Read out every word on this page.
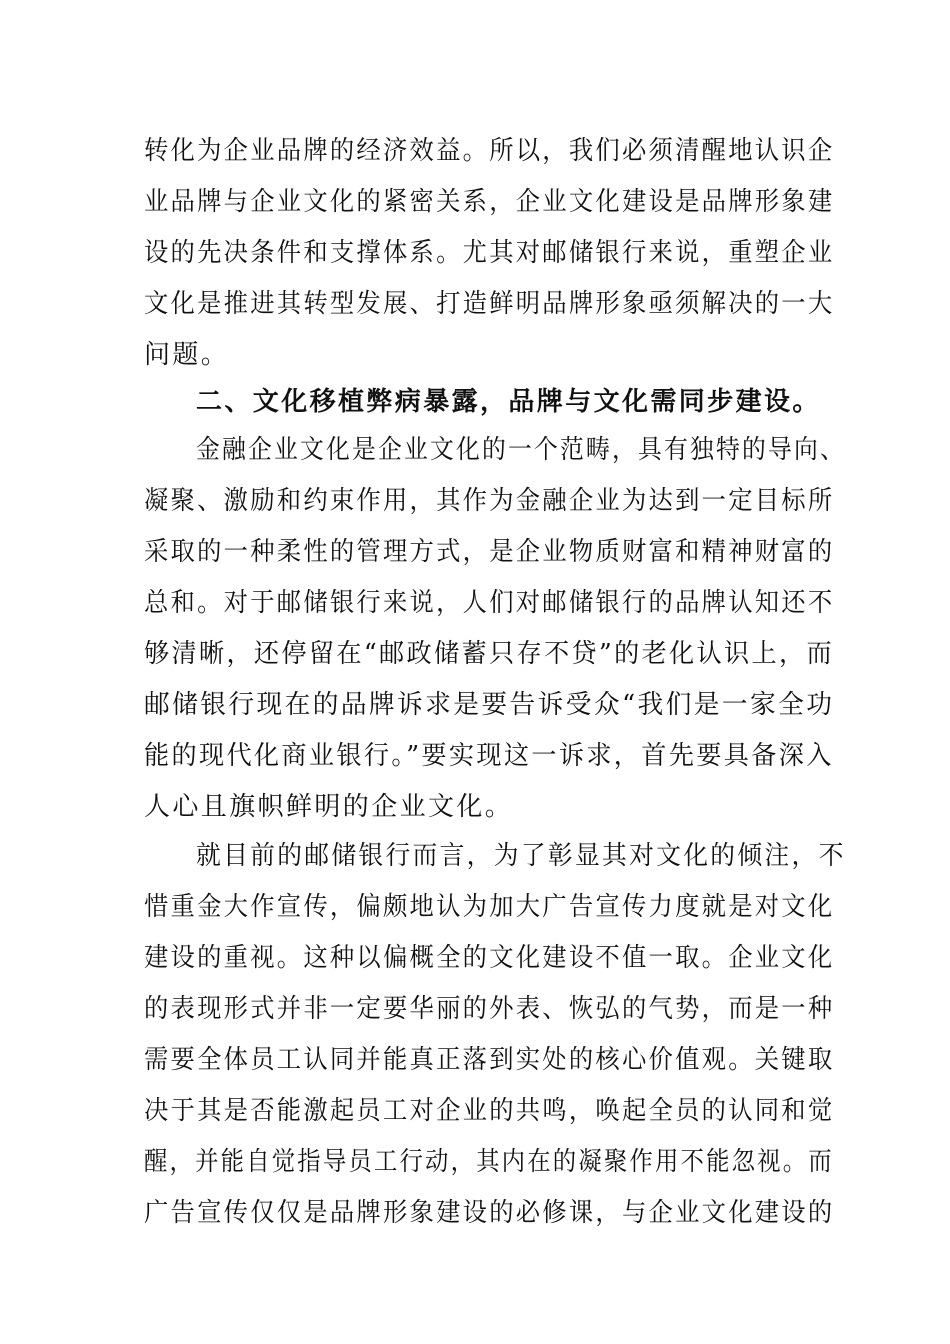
转化为企业品牌的经济效益。所以，我们必须清醒地认识企
业品牌与企业文化的紧密关系，企业文化建设是品牌形象建
设的先决条件和支撑体系。尤其对邮储银行来说，重塑企业
文化是推进其转型发展、打造鲜明品牌形象亟须解决的一大
问题。
二、文化移植弊病暴露，品牌与文化需同步建设。
金融企业文化是企业文化的一个范畴，具有独特的导向、
凝聚、激励和约束作用，其作为金融企业为达到一定目标所
采取的一种柔性的管理方式，是企业物质财富和精神财富的
总和。对于邮储银行来说，人们对邮储银行的品牌认知还不
够清晰，还停留在“邮政储蓄只存不贷”的老化认识上，而
邮储银行现在的品牌诉求是要告诉受众“我们是一家全功
能的现代化商业银行。”要实现这一诉求，首先要具备深入
人心且旗帜鲜明的企业文化。
就目前的邮储银行而言，为了彰显其对文化的倾注，不
惜重金大作宣传，偏颇地认为加大广告宣传力度就是对文化
建设的重视。这种以偏概全的文化建设不值一取。企业文化
的表现形式并非一定要华丽的外表、恢弘的气势，而是一种
需要全体员工认同并能真正落到实处的核心价值观。关键取
决于其是否能激起员工对企业的共鸣，唤起全员的认同和觉
醒，并能自觉指导员工行动，其内在的凝聚作用不能忽视。而
广告宣传仅仅是品牌形象建设的必修课，与企业文化建设的
